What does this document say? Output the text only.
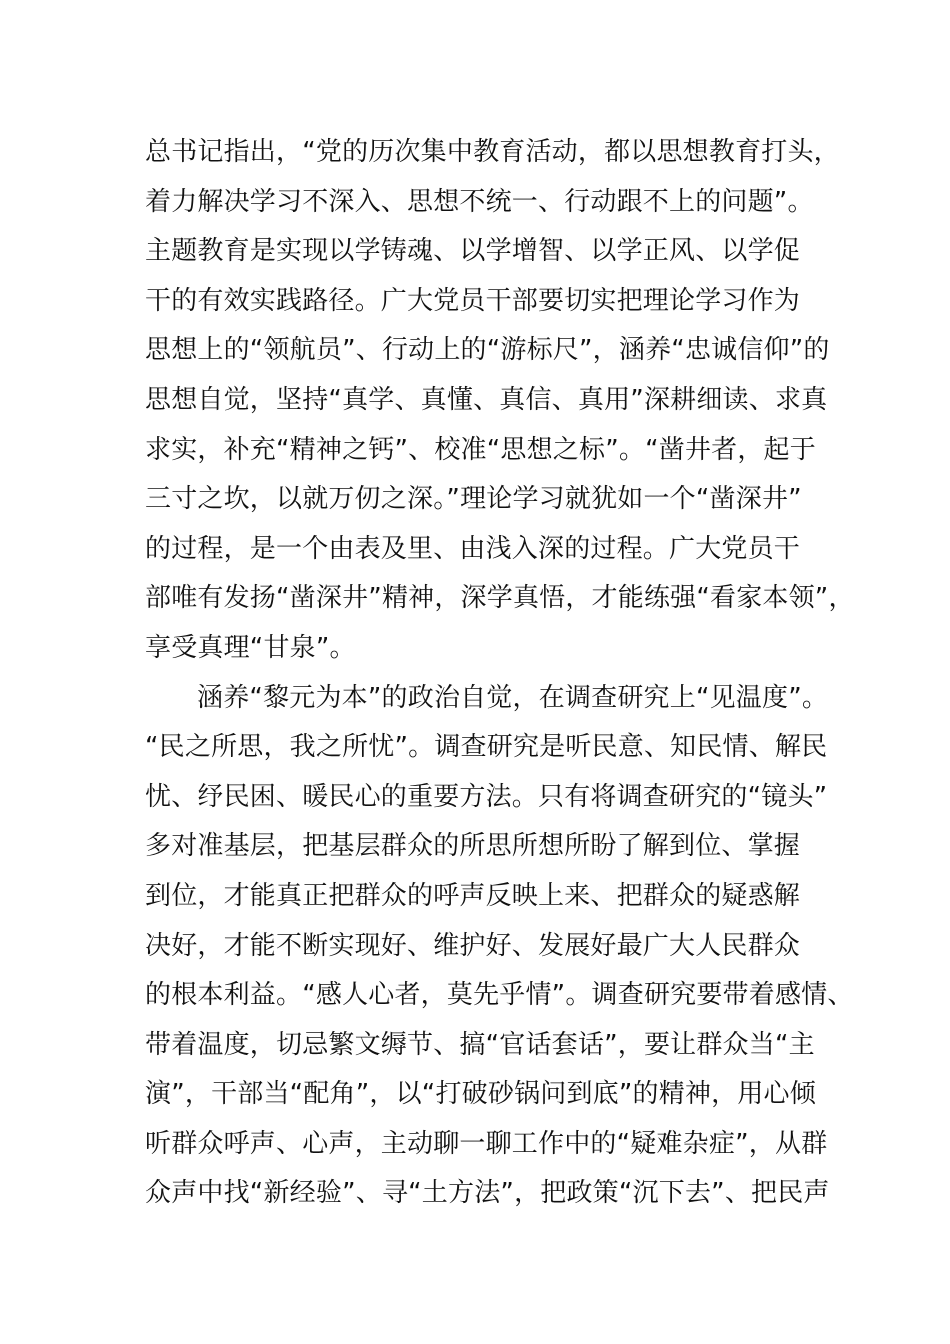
总书记指出，“党的历次集中教育活动，都以思想教育打头，
着力解决学习不深入、思想不统一、行动跟不上的问题”。
主题教育是实现以学铸魂、以学增智、以学正风、以学促
干的有效实践路径。广大党员干部要切实把理论学习作为
思想上的“领航员”、行动上的“游标尺”，涵养“忠诚信仰”的
思想自觉，坚持“真学、真懂、真信、真用”深耕细读、求真
求实，补充“精神之钙”、校准“思想之标”。“凿井者，起于
三寸之坎，以就万仞之深。”理论学习就犹如一个“凿深井”
的过程，是一个由表及里、由浅入深的过程。广大党员干
部唯有发扬“凿深井”精神，深学真悟，才能练强“看家本领”，
享受真理“甘泉”。
涵养“黎元为本”的政治自觉，在调查研究上“见温度”。
“民之所思，我之所忧”。调查研究是听民意、知民情、解民
忧、纾民困、暖民心的重要方法。只有将调查研究的“镜头”
多对准基层，把基层群众的所思所想所盼了解到位、掌握
到位，才能真正把群众的呼声反映上来、把群众的疑惑解
决好，才能不断实现好、维护好、发展好最广大人民群众
的根本利益。“感人心者，莫先乎情”。调查研究要带着感情、
带着温度，切忌繁文缛节、搞“官话套话”，要让群众当“主
演”，干部当“配角”，以“打破砂锅问到底”的精神，用心倾
听群众呼声、心声，主动聊一聊工作中的“疑难杂症”，从群
众声中找“新经验”、寻“土方法”，把政策“沉下去”、把民声
